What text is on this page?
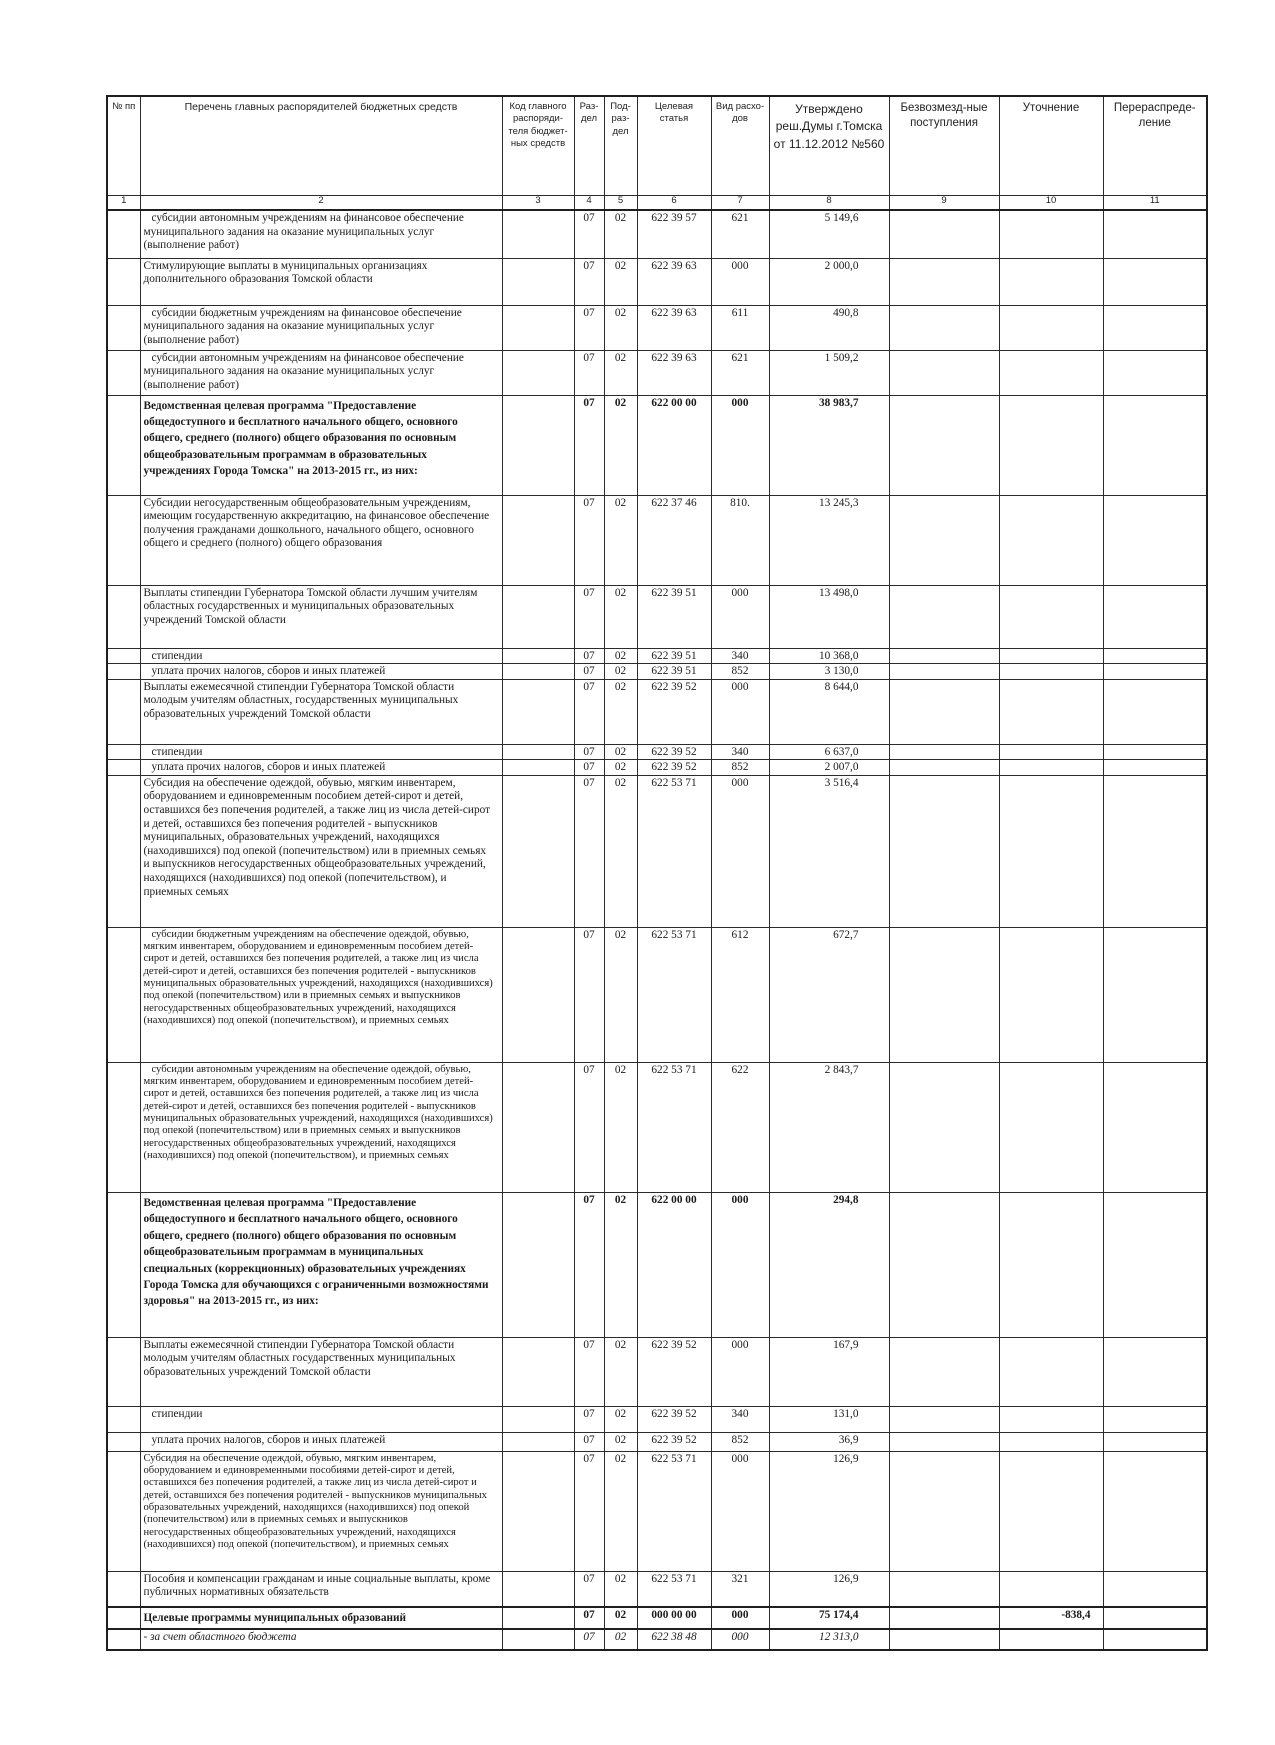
№ пп	Перечень главных распорядителей бюджетных средств	Код главного распоряди-теля бюджет-ных средств	Раз-дел	Под-раз-дел	Целевая статья	Вид расхо-дов	Утверждено реш.Думы г.Томска от 11.12.2012 №560	Безвозмезд-ные поступления	Уточнение	Перераспреде-ление
1	2	3	4	5	6	7	8	9	10	11
	субсидии автономным учреждениям на финансовое обеспечение муниципального задания на оказание муниципальных услуг (выполнение работ)		07	02	622 39 57	621	5 149,6			
	Стимулирующие выплаты в муниципальных организациях дополнительного образования Томской области		07	02	622 39 63	000	2 000,0			
	субсидии бюджетным учреждениям на финансовое обеспечение муниципального задания на оказание муниципальных услуг (выполнение работ)		07	02	622 39 63	611	490,8			
	субсидии автономным учреждениям на финансовое обеспечение муниципального задания на оказание муниципальных услуг (выполнение работ)		07	02	622 39 63	621	1 509,2			
	Ведомственная целевая программа "Предоставление общедоступного и бесплатного начального общего, основного общего, среднего (полного) общего образования по основным общеобразовательным программам в образовательных учреждениях Города Томска" на 2013-2015 гг., из них:		07	02	622 00 00	000	38 983,7			
	Субсидии негосударственным общеобразовательным учреждениям, имеющим государственную аккредитацию, на финансовое обеспечение получения гражданами дошкольного, начального общего, основного общего и среднего (полного) общего образования		07	02	622 37 46	810.	13 245,3			
	Выплаты стипендии Губернатора Томской области лучшим учителям областных государственных и муниципальных образовательных учреждений Томской области		07	02	622 39 51	000	13 498,0			
	стипендии		07	02	622 39 51	340	10 368,0			
	уплата прочих налогов, сборов и иных платежей		07	02	622 39 51	852	3 130,0			
	Выплаты ежемесячной стипендии Губернатора Томской области молодым учителям областных, государственных муниципальных образовательных учреждений Томской области		07	02	622 39 52	000	8 644,0			
	стипендии		07	02	622 39 52	340	6 637,0			
	уплата прочих налогов, сборов и иных платежей		07	02	622 39 52	852	2 007,0			
	Субсидия на обеспечение одеждой, обувью, мягким инвентарем, оборудованием и единовременным пособием детей-сирот и детей, оставшихся без попечения родителей, а также лиц из числа детей-сирот и детей, оставшихся без попечения родителей - выпускников муниципальных, образовательных учреждений, находящихся (находившихся) под опекой (попечительством) или в приемных семьях и выпускников негосударственных общеобразовательных учреждений, находящихся (находившихся) под опекой (попечительством), и приемных семьях		07	02	622 53 71	000	3 516,4			
	субсидии бюджетным учреждениям на обеспечение одеждой, обувью, мягким инвентарем, оборудованием и единовременным пособием детей-сирот и детей, оставшихся без попечения родителей, а также лиц из числа детей-сирот и детей, оставшихся без попечения родителей - выпускников муниципальных образовательных учреждений, находящихся (находившихся) под опекой (попечительством) или в приемных семьях и выпускников негосударственных общеобразовательных учреждений, находящихся (находившихся) под опекой (попечительством), и приемных семьях		07	02	622 53 71	612	672,7			
	субсидии автономным учреждениям на обеспечение одеждой, обувью, мягким инвентарем, оборудованием и единовременным пособием детей-сирот и детей, оставшихся без попечения родителей, а также лиц из числа детей-сирот и детей, оставшихся без попечения родителей - выпускников муниципальных образовательных учреждений, находящихся (находившихся) под опекой (попечительством) или в приемных семьях и выпускников негосударственных общеобразовательных учреждений, находящихся (находившихся) под опекой (попечительством), и приемных семьях		07	02	622 53 71	622	2 843,7			
	Ведомственная целевая программа "Предоставление общедоступного и бесплатного начального общего, основного общего, среднего (полного) общего образования по основным общеобразовательным программам в муниципальных специальных (коррекционных) образовательных учреждениях Города Томска для обучающихся с ограниченными возможностями здоровья" на 2013-2015 гг., из них:		07	02	622 00 00	000	294,8			
	Выплаты ежемесячной стипендии Губернатора Томской области молодым учителям областных государственных муниципальных образовательных учреждений Томской области		07	02	622 39 52	000	167,9			
	стипендии		07	02	622 39 52	340	131,0			
	уплата прочих налогов, сборов и иных платежей		07	02	622 39 52	852	36,9			
	Субсидия на обеспечение одеждой, обувью, мягким инвентарем, оборудованием и единовременными пособиями детей-сирот и детей, оставшихся без попечения родителей, а также лиц из числа детей-сирот и детей, оставшихся без попечения родителей - выпускников муниципальных образовательных учреждений, находящихся (находившихся) под опекой (попечительством) или в приемных семьях и выпускников негосударственных общеобразовательных учреждений, находящихся (находившихся) под опекой (попечительством), и приемных семьях		07	02	622 53 71	000	126,9			
	Пособия и компенсации гражданам и иные социальные выплаты, кроме публичных нормативных обязательств		07	02	622 53 71	321	126,9			
	Целевые программы муниципальных образований		07	02	000 00 00	000	75 174,4		-838,4	
	- за счет областного бюджета		07	02	622 38 48	000	12 313,0			
